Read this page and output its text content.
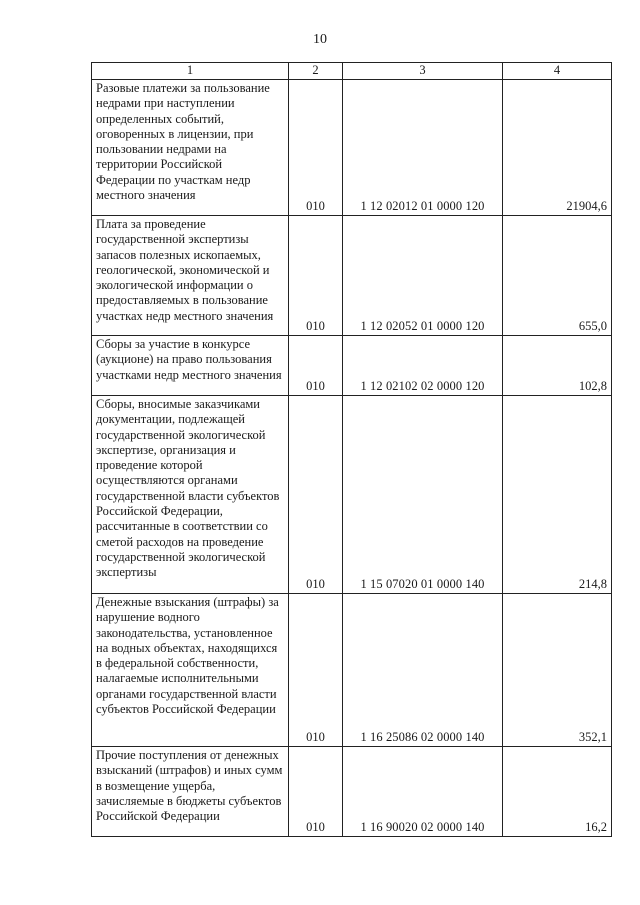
10
1	2	3	4
Разовые платежи за пользование недрами при наступлении определенных событий, оговоренных в лицензии, при пользовании недрами на территории Российской Федерации по участкам недр местного значения	010	1 12 02012 01 0000 120	21904,6
Плата за проведение государственной экспертизы запасов полезных ископаемых, геологической, экономической и экологической информации о предоставляемых в пользование участках недр местного значения	010	1 12 02052 01 0000 120	655,0
Сборы за участие в конкурсе (аукционе) на право пользования участками недр местного значения	010	1 12 02102 02 0000 120	102,8
Сборы, вносимые заказчиками документации, подлежащей государственной экологической экспертизе, организация и проведение которой осуществляются органами государственной власти субъектов Российской Федерации, рассчитанные в соответствии со сметой расходов на проведение государственной экологической экспертизы	010	1 15 07020 01 0000 140	214,8
Денежные взыскания (штрафы) за нарушение водного законодательства, установленное на водных объектах, находящихся в федеральной собственности, налагаемые исполнительными органами государственной власти субъектов Российской Федерации	010	1 16 25086 02 0000 140	352,1
Прочие поступления от денежных взысканий (штрафов) и иных сумм в возмещение ущерба, зачисляемые в бюджеты субъектов Российской Федерации	010	1 16 90020 02 0000 140	16,2
